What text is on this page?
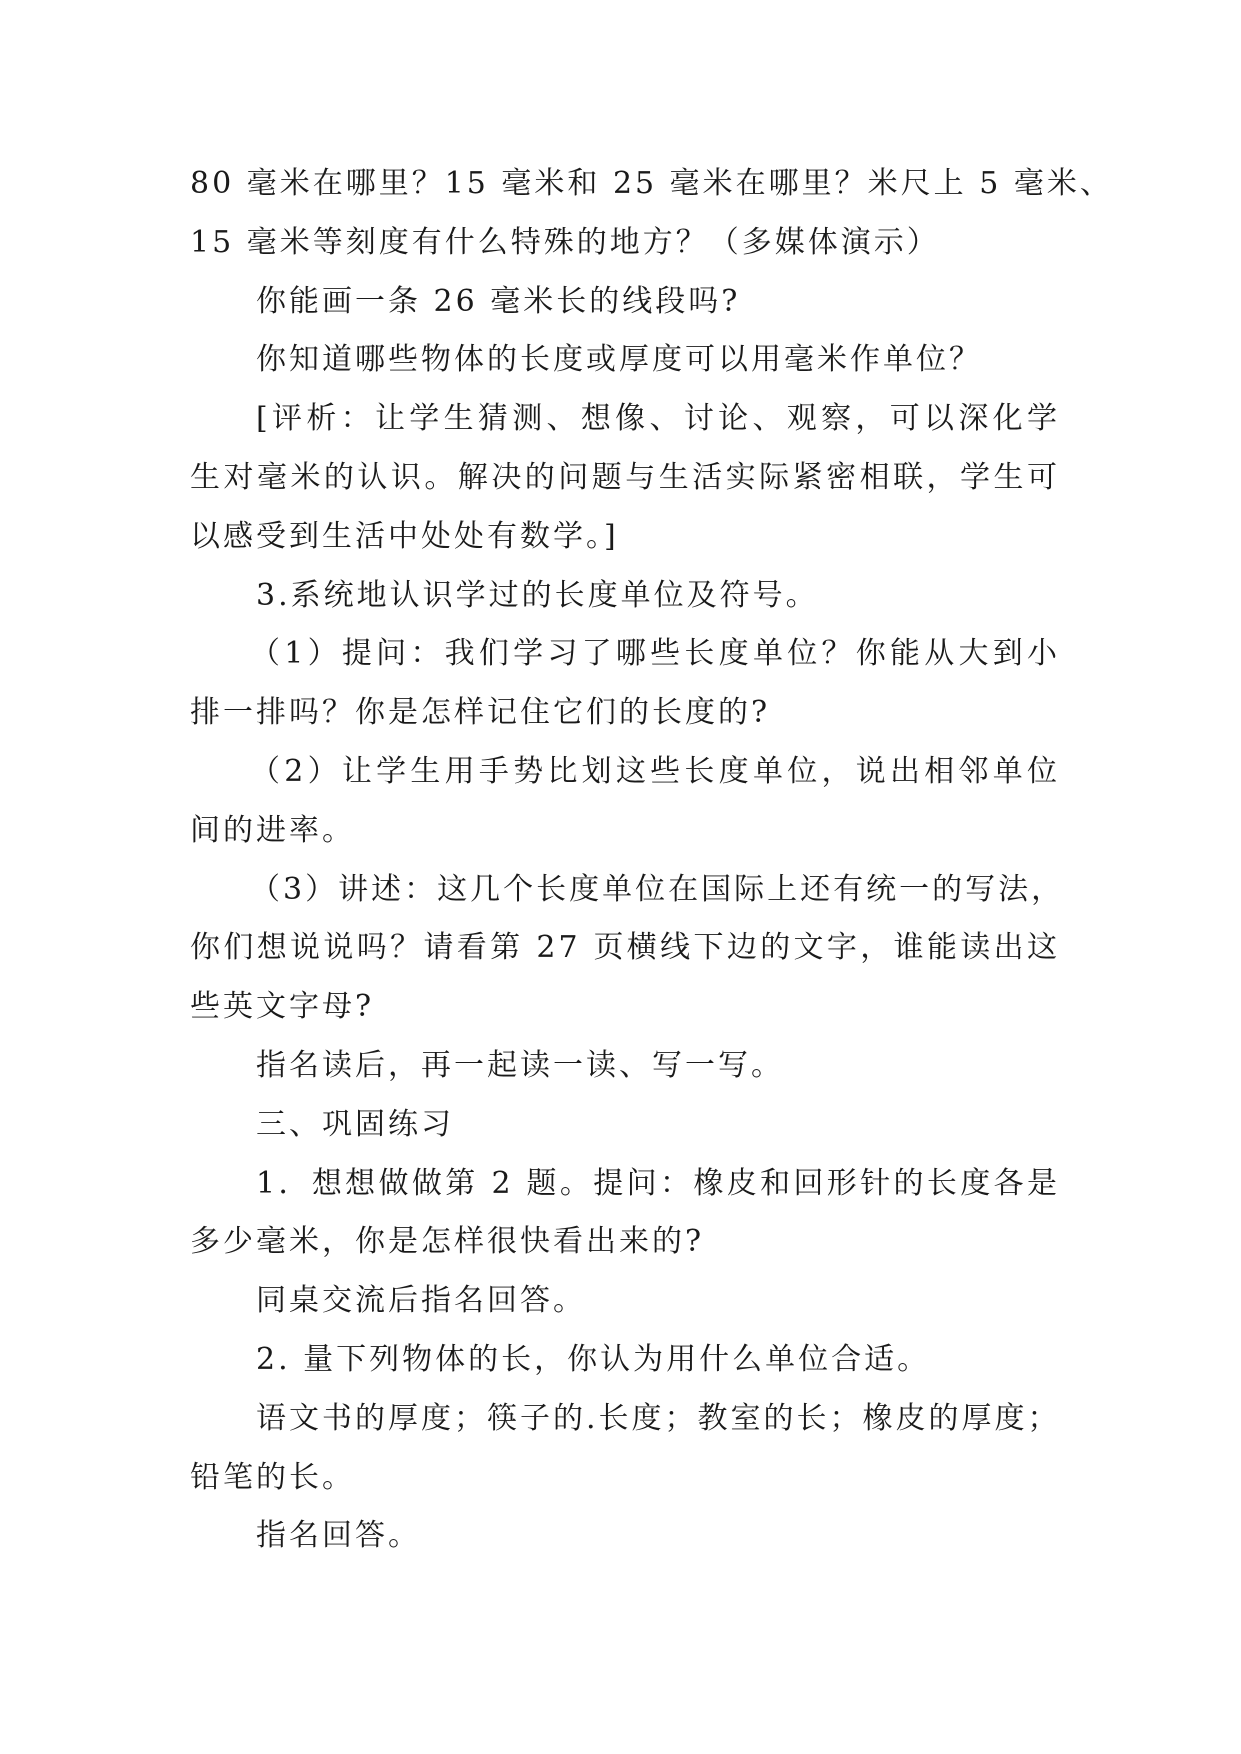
80 毫米在哪里？15 毫米和 25 毫米在哪里？米尺上 5 毫米、
15 毫米等刻度有什么特殊的地方？（多媒体演示）
你能画一条 26 毫米长的线段吗?
你知道哪些物体的长度或厚度可以用毫米作单位？
[评析：让学生猜测、想像、讨论、观察，可以深化学
生对毫米的认识。解决的问题与生活实际紧密相联，学生可
以感受到生活中处处有数学。]
3.系统地认识学过的长度单位及符号。
（1）提问：我们学习了哪些长度单位？你能从大到小
排一排吗？你是怎样记住它们的长度的?
（2）让学生用手势比划这些长度单位，说出相邻单位
间的进率。
（3）讲述：这几个长度单位在国际上还有统一的写法，
你们想说说吗？请看第 27 页横线下边的文字，谁能读出这
些英文字母?
指名读后，再一起读一读、写一写。
三、巩固练习
1．想想做做第 2 题。提问：橡皮和回形针的长度各是
多少毫米，你是怎样很快看出来的?
同桌交流后指名回答。
2. 量下列物体的长，你认为用什么单位合适。
语文书的厚度；筷子的.长度；教室的长；橡皮的厚度；
铅笔的长。
指名回答。
